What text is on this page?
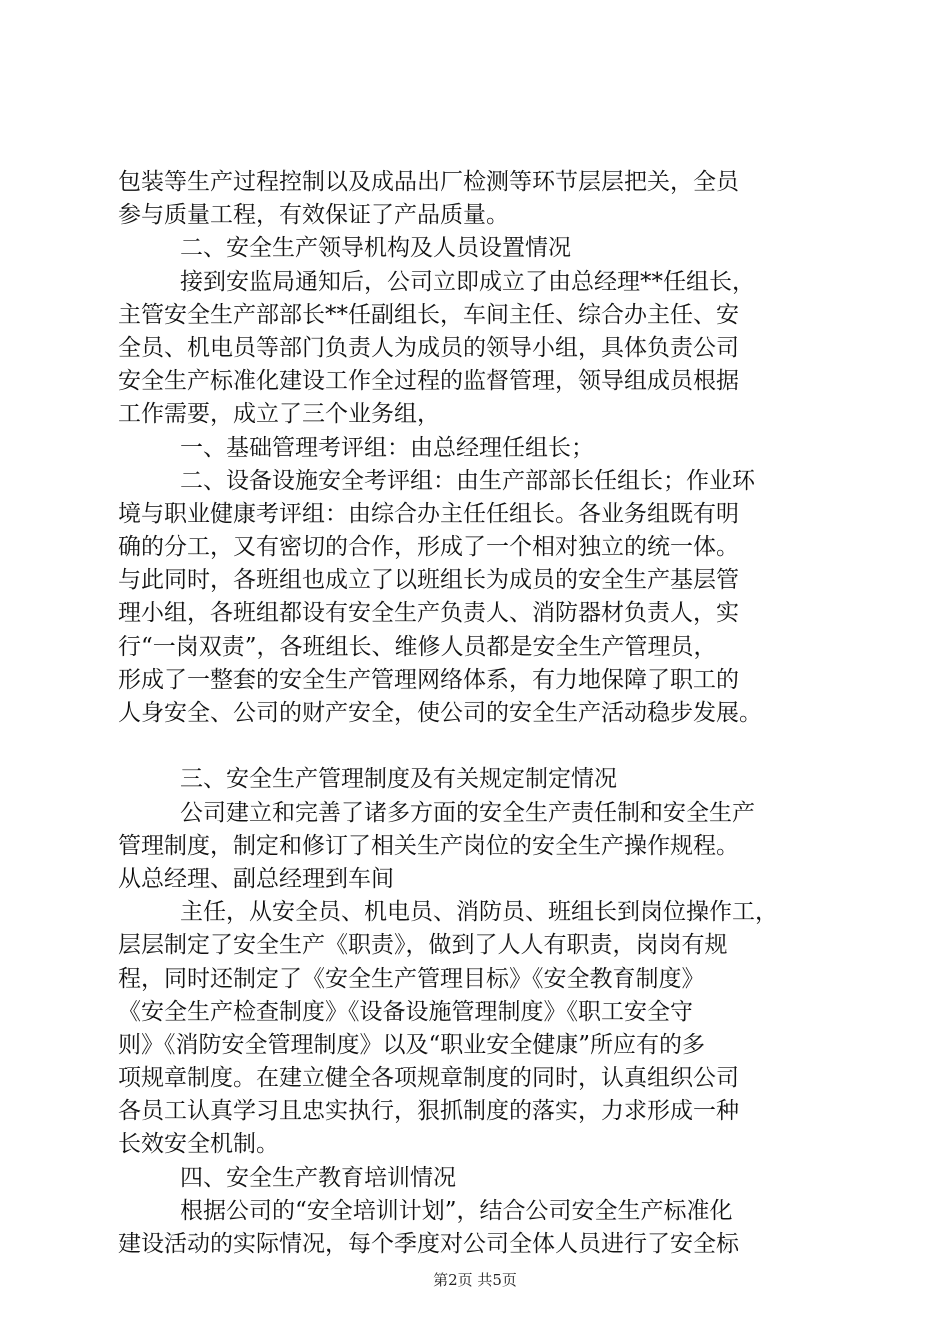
包装等生产过程控制以及成品出厂检测等环节层层把关，全员
参与质量工程，有效保证了产品质量。
二、安全生产领导机构及人员设置情况
接到安监局通知后，公司立即成立了由总经理**任组长，
主管安全生产部部长**任副组长，车间主任、综合办主任、安
全员、机电员等部门负责人为成员的领导小组，具体负责公司
安全生产标准化建设工作全过程的监督管理，领导组成员根据
工作需要，成立了三个业务组，
一、基础管理考评组：由总经理任组长；
二、设备设施安全考评组：由生产部部长任组长；作业环
境与职业健康考评组：由综合办主任任组长。各业务组既有明
确的分工，又有密切的合作，形成了一个相对独立的统一体。
与此同时，各班组也成立了以班组长为成员的安全生产基层管
理小组，各班组都设有安全生产负责人、消防器材负责人，实
行“一岗双责”，各班组长、维修人员都是安全生产管理员，
形成了一整套的安全生产管理网络体系，有力地保障了职工的
人身安全、公司的财产安全，使公司的安全生产活动稳步发展。
三、安全生产管理制度及有关规定制定情况
公司建立和完善了诸多方面的安全生产责任制和安全生产
管理制度，制定和修订了相关生产岗位的安全生产操作规程。
从总经理、副总经理到车间
主任，从安全员、机电员、消防员、班组长到岗位操作工，
层层制定了安全生产《职责》，做到了人人有职责，岗岗有规
程，同时还制定了《安全生产管理目标》《安全教育制度》
《安全生产检查制度》《设备设施管理制度》《职工安全守
则》《消防安全管理制度》以及“职业安全健康”所应有的多
项规章制度。在建立健全各项规章制度的同时，认真组织公司
各员工认真学习且忠实执行，狠抓制度的落实，力求形成一种
长效安全机制。
四、安全生产教育培训情况
根据公司的“安全培训计划”，结合公司安全生产标准化
建设活动的实际情况，每个季度对公司全体人员进行了安全标
第2页 共5页
